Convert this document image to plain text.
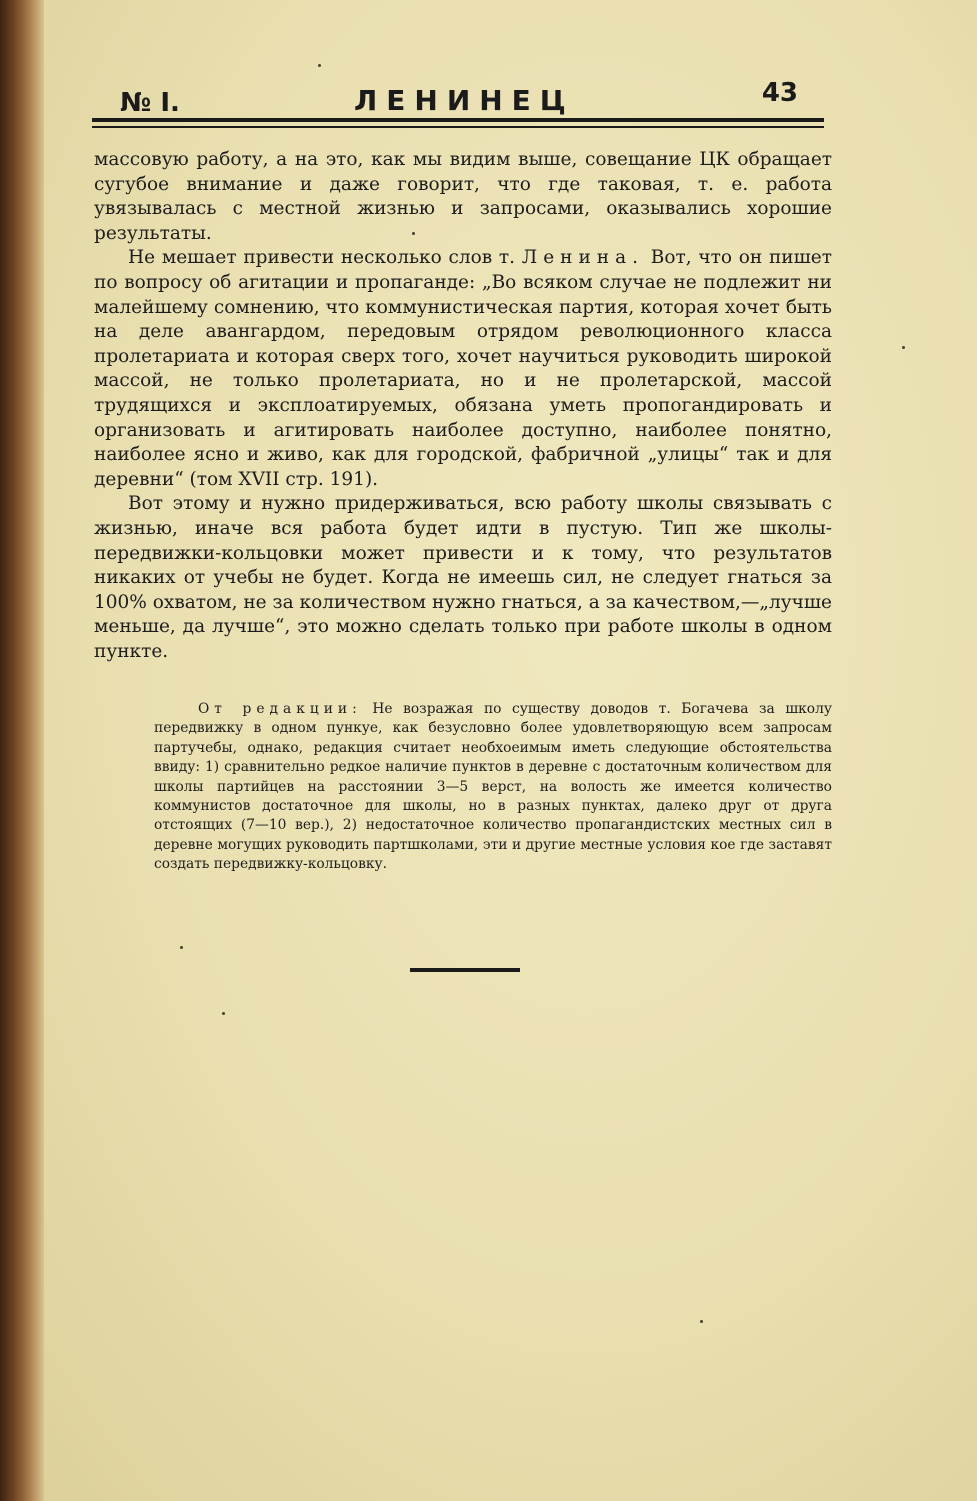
№ I.	ЛЕНИНЕЦ	43

массовую работу, а на это, как мы видим выше, совещание ЦК обращает сугубое внимание и даже говорит, что где таковая, т. е. работа увязывалась с местной жизнью и запросами, оказывались хорошие результаты.

Не мешает привести несколько слов т. Ленина. Вот, что он пишет по вопросу об агитации и пропаганде: „Во всяком случае не подлежит ни малейшему сомнению, что коммунистическая партия, которая хочет быть на деле авангардом, передовым отрядом революционного класса пролетариата и которая сверх того, хочет научиться руководить широкой массой, не только пролетариата, но и не пролетарской, массой трудящихся и эксплоатируемых, обязана уметь пропогандировать и организовать и агитировать наиболее доступно, наиболее понятно, наиболее ясно и живо, как для городской, фабричной „улицы“ так и для деревни“ (том XVII стр. 191).

Вот этому и нужно придерживаться, всю работу школы связывать с жизнью, иначе вся работа будет идти в пустую. Тип же школы-передвижки-кольцовки может привести и к тому, что результатов никаких от учебы не будет. Когда не имеешь сил, не следует гнаться за 100% охватом, не за количеством нужно гнаться, а за качеством,—„лучше меньше, да лучше“, это можно сделать только при работе школы в одном пункте.

От редакции: Не возражая по существу доводов т. Богачева за школу передвижку в одном пункуе, как безусловно более удовлетворяющую всем запросам партучебы, однако, редакция считает необхоеимым иметь следующие обстоятельства ввиду: 1) сравнительно редкое наличие пунктов в деревне с достаточным количеством для школы партийцев на расстоянии 3—5 верст, на волость же имеется количество коммунистов достаточное для школы, но в разных пунктах, далеко друг от друга отстоящих (7—10 вер.), 2) недостаточное количество пропагандистских местных сил в деревне могущих руководить партшколами, эти и другие местные условия кое где заставят создать передвижку-кольцовку.
